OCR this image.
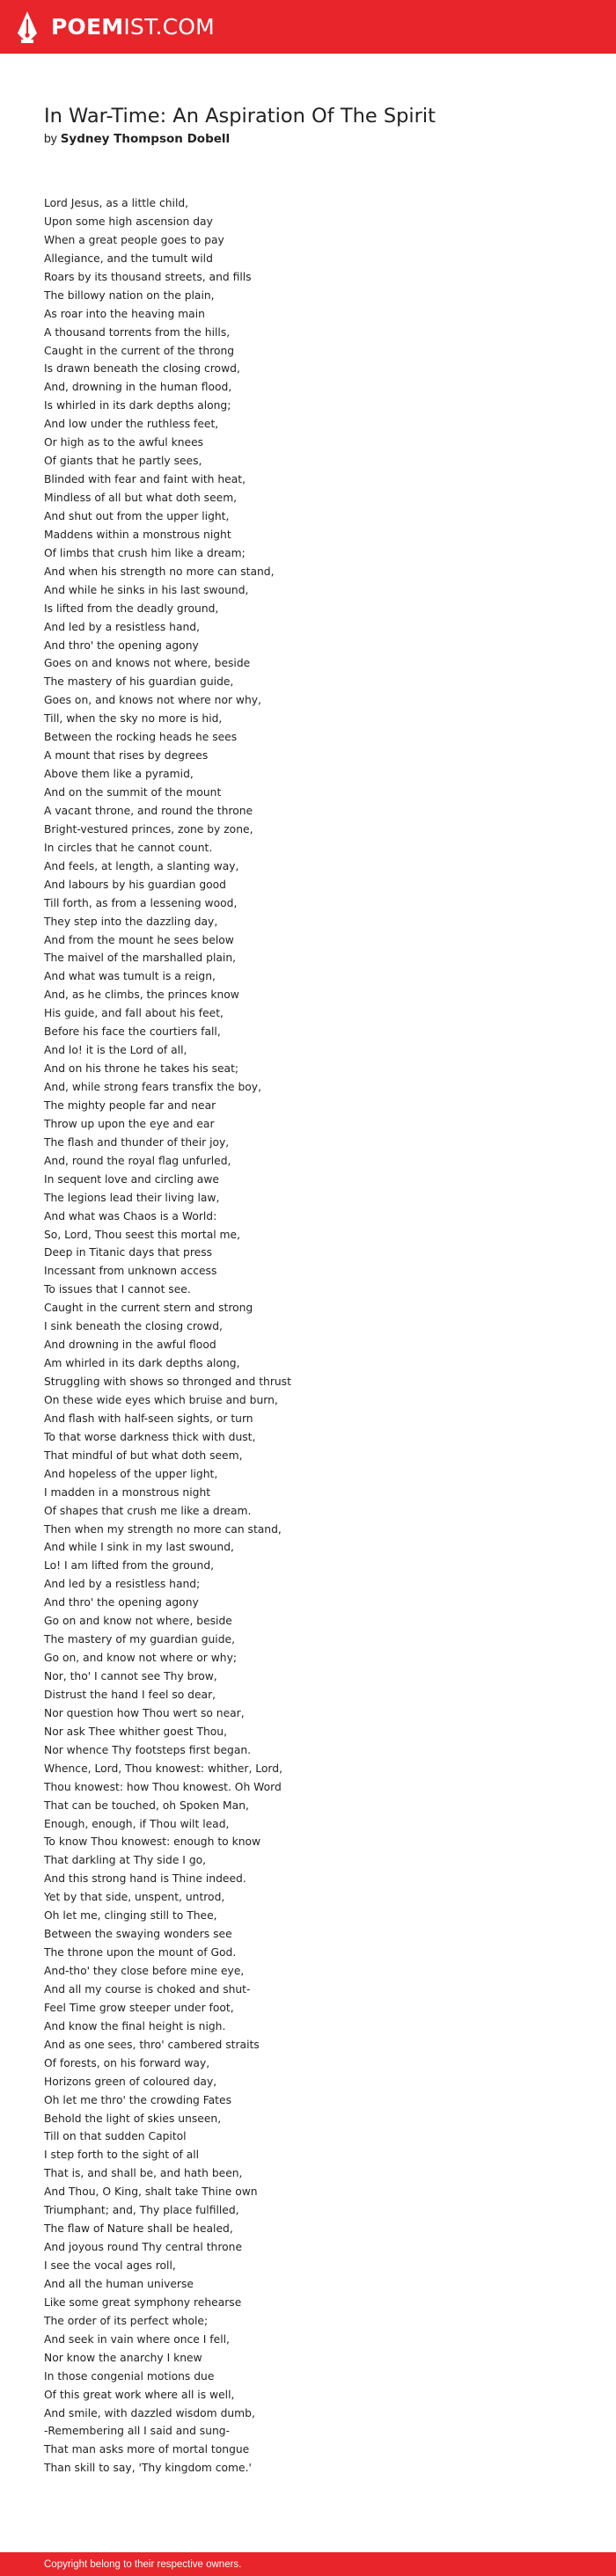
POEMIST.COM
In War-Time: An Aspiration Of The Spirit
by Sydney Thompson Dobell
Lord Jesus, as a little child,
Upon some high ascension day
When a great people goes to pay
Allegiance, and the tumult wild
Roars by its thousand streets, and fills
The billowy nation on the plain,
As roar into the heaving main
A thousand torrents from the hills,
Caught in the current of the throng
Is drawn beneath the closing crowd,
And, drowning in the human flood,
Is whirled in its dark depths along;
And low under the ruthless feet,
Or high as to the awful knees
Of giants that he partly sees,
Blinded with fear and faint with heat,
Mindless of all but what doth seem,
And shut out from the upper light,
Maddens within a monstrous night
Of limbs that crush him like a dream;
And when his strength no more can stand,
And while he sinks in his last swound,
Is lifted from the deadly ground,
And led by a resistless hand,
And thro' the opening agony
Goes on and knows not where, beside
The mastery of his guardian guide,
Goes on, and knows not where nor why,
Till, when the sky no more is hid,
Between the rocking heads he sees
A mount that rises by degrees
Above them like a pyramid,
And on the summit of the mount
A vacant throne, and round the throne
Bright-vestured princes, zone by zone,
In circles that he cannot count.
And feels, at length, a slanting way,
And labours by his guardian good
Till forth, as from a lessening wood,
They step into the dazzling day,
And from the mount he sees below
The maivel of the marshalled plain,
And what was tumult is a reign,
And, as he climbs, the princes know
His guide, and fall about his feet,
Before his face the courtiers fall,
And lo! it is the Lord of all,
And on his throne he takes his seat;
And, while strong fears transfix the boy,
The mighty people far and near
Throw up upon the eye and ear
The flash and thunder of their joy,
And, round the royal flag unfurled,
In sequent love and circling awe
The legions lead their living law,
And what was Chaos is a World:
So, Lord, Thou seest this mortal me,
Deep in Titanic days that press
Incessant from unknown access
To issues that I cannot see.
Caught in the current stern and strong
I sink beneath the closing crowd,
And drowning in the awful flood
Am whirled in its dark depths along,
Struggling with shows so thronged and thrust
On these wide eyes which bruise and burn,
And flash with half-seen sights, or turn
To that worse darkness thick with dust,
That mindful of but what doth seem,
And hopeless of the upper light,
I madden in a monstrous night
Of shapes that crush me like a dream.
Then when my strength no more can stand,
And while I sink in my last swound,
Lo! I am lifted from the ground,
And led by a resistless hand;
And thro' the opening agony
Go on and know not where, beside
The mastery of my guardian guide,
Go on, and know not where or why;
Nor, tho' I cannot see Thy brow,
Distrust the hand I feel so dear,
Nor question how Thou wert so near,
Nor ask Thee whither goest Thou,
Nor whence Thy footsteps first began.
Whence, Lord, Thou knowest: whither, Lord,
Thou knowest: how Thou knowest. Oh Word
That can be touched, oh Spoken Man,
Enough, enough, if Thou wilt lead,
To know Thou knowest: enough to know
That darkling at Thy side I go,
And this strong hand is Thine indeed.
Yet by that side, unspent, untrod,
Oh let me, clinging still to Thee,
Between the swaying wonders see
The throne upon the mount of God.
And-tho' they close before mine eye,
And all my course is choked and shut-
Feel Time grow steeper under foot,
And know the final height is nigh.
And as one sees, thro' cambered straits
Of forests, on his forward way,
Horizons green of coloured day,
Oh let me thro' the crowding Fates
Behold the light of skies unseen,
Till on that sudden Capitol
I step forth to the sight of all
That is, and shall be, and hath been,
And Thou, O King, shalt take Thine own
Triumphant; and, Thy place fulfilled,
The flaw of Nature shall be healed,
And joyous round Thy central throne
I see the vocal ages roll,
And all the human universe
Like some great symphony rehearse
The order of its perfect whole;
And seek in vain where once I fell,
Nor know the anarchy I knew
In those congenial motions due
Of this great work where all is well,
And smile, with dazzled wisdom dumb,
-Remembering all I said and sung-
That man asks more of mortal tongue
Than skill to say, 'Thy kingdom come.'
Copyright belong to their respective owners.
